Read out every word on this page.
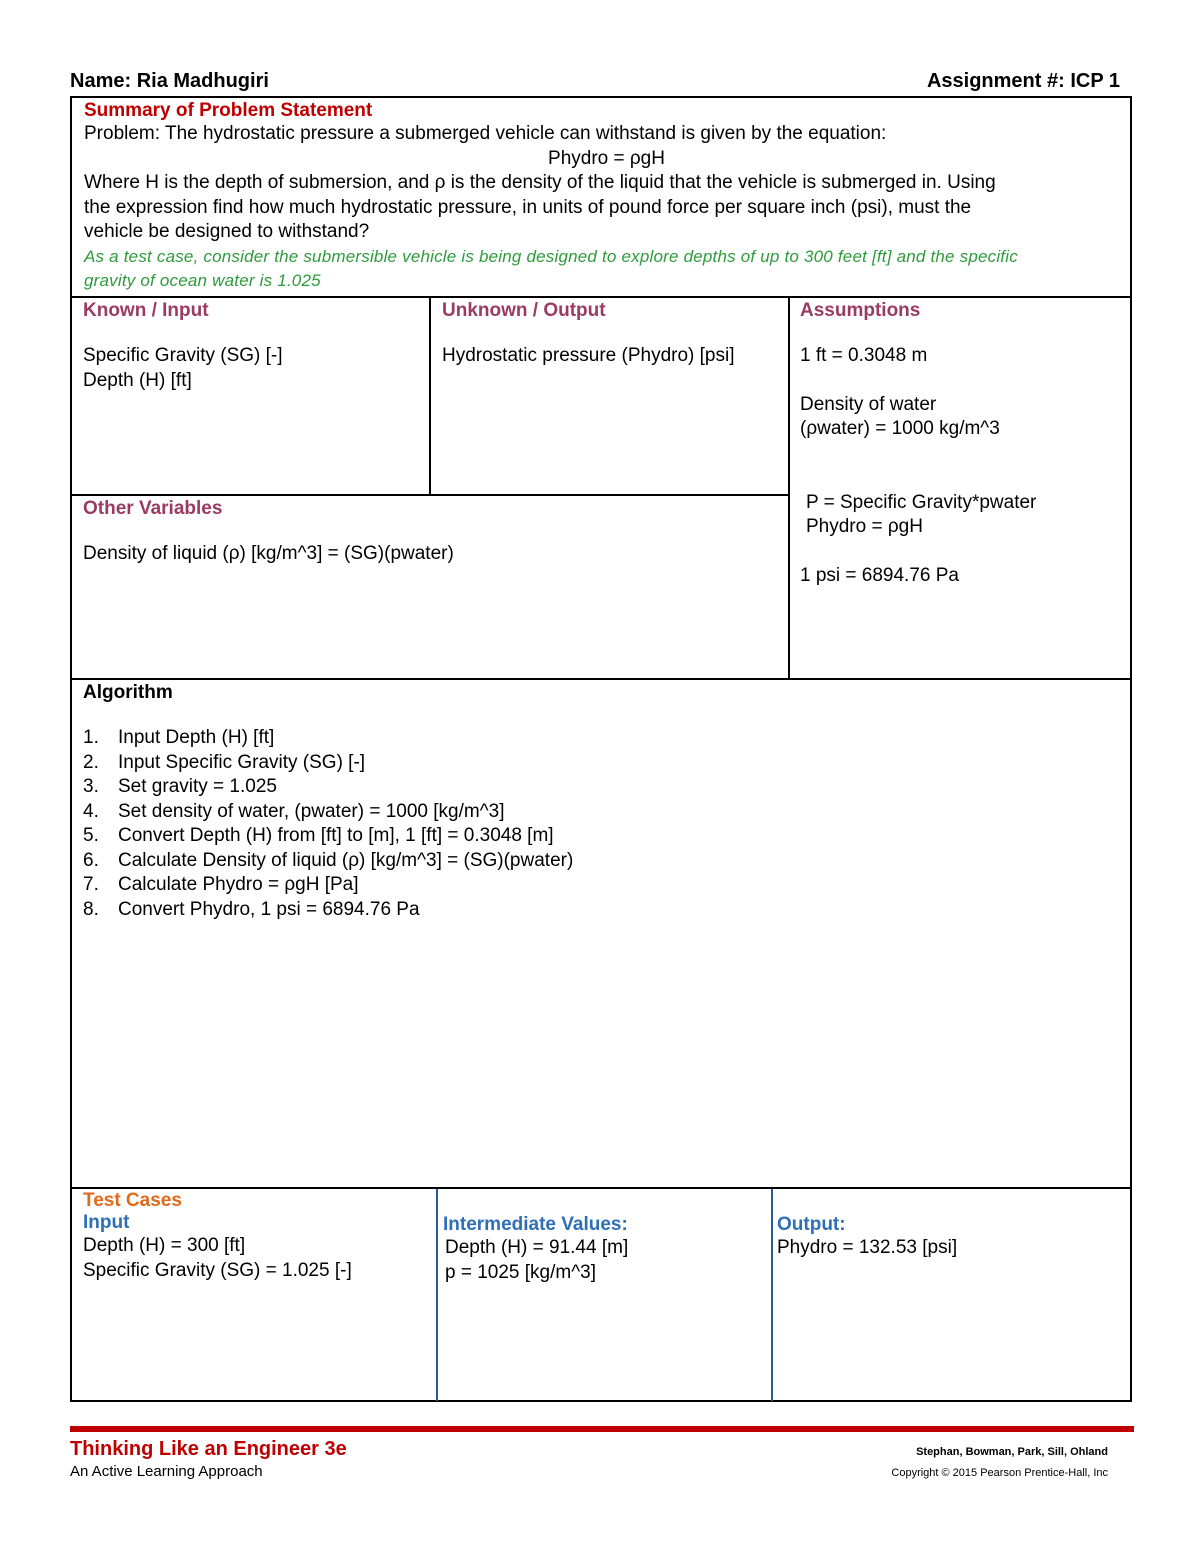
Name: Ria Madhugiri	Assignment #: ICP 1
Summary of Problem Statement
Problem: The hydrostatic pressure a submerged vehicle can withstand is given by the equation:
Phydro = ρgH
Where H is the depth of submersion, and ρ is the density of the liquid that the vehicle is submerged in. Using
the expression find how much hydrostatic pressure, in units of pound force per square inch (psi), must the
vehicle be designed to withstand?
As a test case, consider the submersible vehicle is being designed to explore depths of up to 300 feet [ft] and the specific
gravity of ocean water is 1.025
Known / Input
Specific Gravity (SG) [-]
Depth (H) [ft]
Unknown / Output
Hydrostatic pressure (Phydro) [psi]
Assumptions
1 ft = 0.3048 m
Density of water
(ρwater) = 1000 kg/m^3
P = Specific Gravity*pwater
Phydro = ρgH
1 psi = 6894.76 Pa
Other Variables
Density of liquid (ρ) [kg/m^3] = (SG)(pwater)
Algorithm
1.	Input Depth (H) [ft]
2.	Input Specific Gravity (SG) [-]
3.	Set gravity = 1.025
4.	Set density of water, (pwater) = 1000 [kg/m^3]
5.	Convert Depth (H) from [ft] to [m], 1 [ft] = 0.3048 [m]
6.	Calculate Density of liquid (ρ) [kg/m^3] = (SG)(pwater)
7.	Calculate Phydro = ρgH [Pa]
8.	Convert Phydro, 1 psi = 6894.76 Pa
Test Cases
Input
Depth (H) = 300 [ft]
Specific Gravity (SG) = 1.025 [-]
Intermediate Values:
Depth (H) = 91.44 [m]
p = 1025 [kg/m^3]
Output:
Phydro = 132.53 [psi]
Thinking Like an Engineer 3e
An Active Learning Approach
Stephan, Bowman, Park, Sill, Ohland
Copyright © 2015 Pearson Prentice-Hall, Inc
